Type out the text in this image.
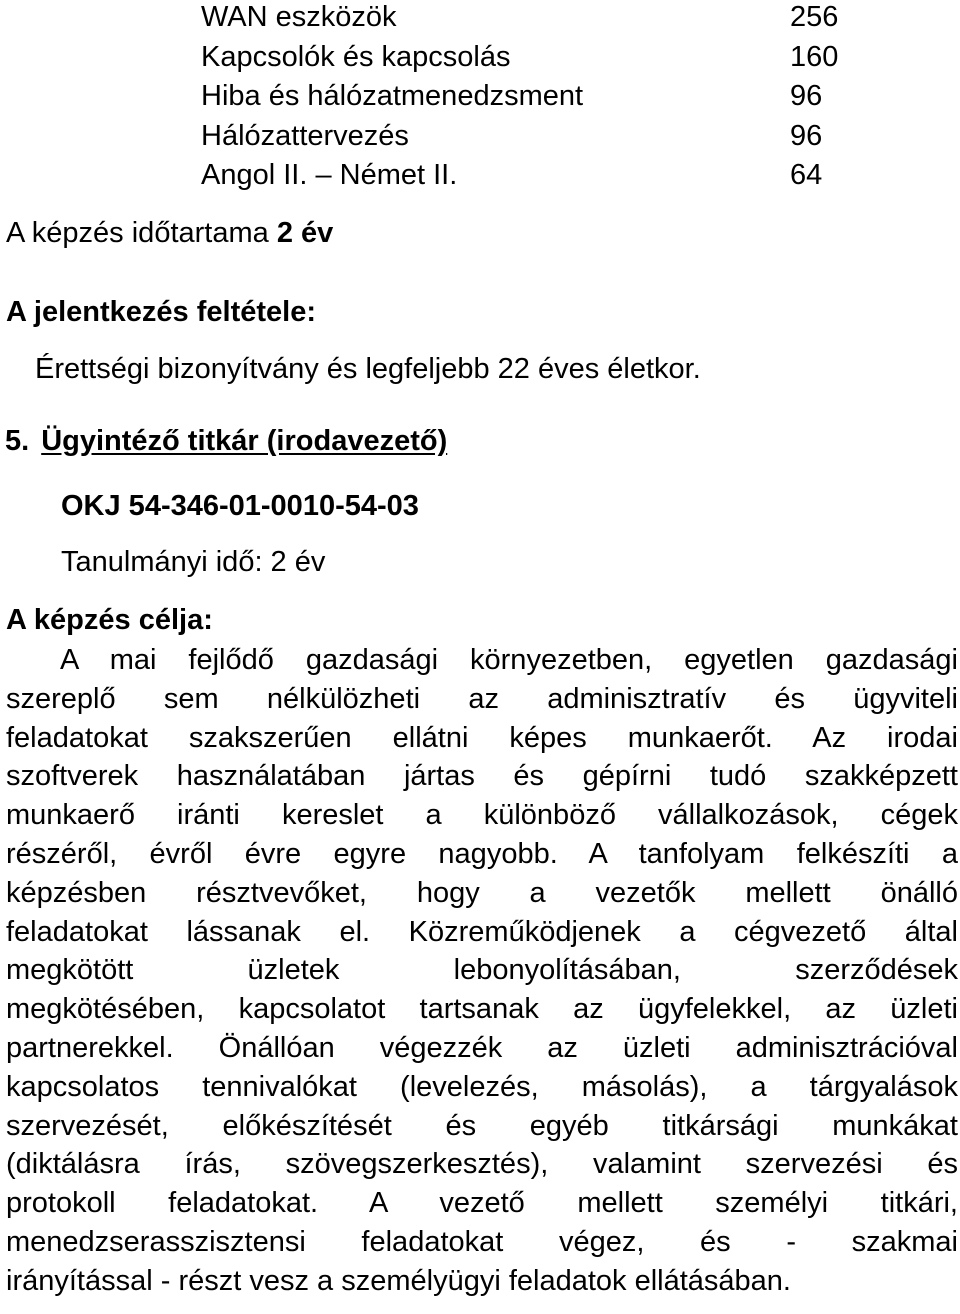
WAN eszközök	256
Kapcsolók és kapcsolás	160
Hiba és hálózatmenedzsment	96
Hálózattervezés	96
Angol II. – Német II.	64
A képzés időtartama 2 év
A jelentkezés feltétele:
Érettségi bizonyítvány és legfeljebb 22 éves életkor.
5. Ügyintéző titkár (irodavezető)
OKJ 54-346-01-0010-54-03
Tanulmányi idő: 2 év
A képzés célja:
A mai fejlődő gazdasági környezetben, egyetlen gazdasági
szereplő sem nélkülözheti az adminisztratív és ügyviteli
feladatokat szakszerűen ellátni képes munkaerőt. Az irodai
szoftverek használatában jártas és gépírni tudó szakképzett
munkaerő iránti kereslet a különböző vállalkozások, cégek
részéről, évről évre egyre nagyobb. A tanfolyam felkészíti a
képzésben résztvevőket, hogy a vezetők mellett önálló
feladatokat lássanak el. Közreműködjenek a cégvezető által
megkötött üzletek lebonyolításában, szerződések
megkötésében, kapcsolatot tartsanak az ügyfelekkel, az üzleti
partnerekkel. Önállóan végezzék az üzleti adminisztrációval
kapcsolatos tennivalókat (levelezés, másolás), a tárgyalások
szervezését, előkészítését és egyéb titkársági munkákat
(diktálásra írás, szövegszerkesztés), valamint szervezési és
protokoll feladatokat. A vezető mellett személyi titkári,
menedzserasszisztensi feladatokat végez, és - szakmai
irányítással - részt vesz a személyügyi feladatok ellátásában.
